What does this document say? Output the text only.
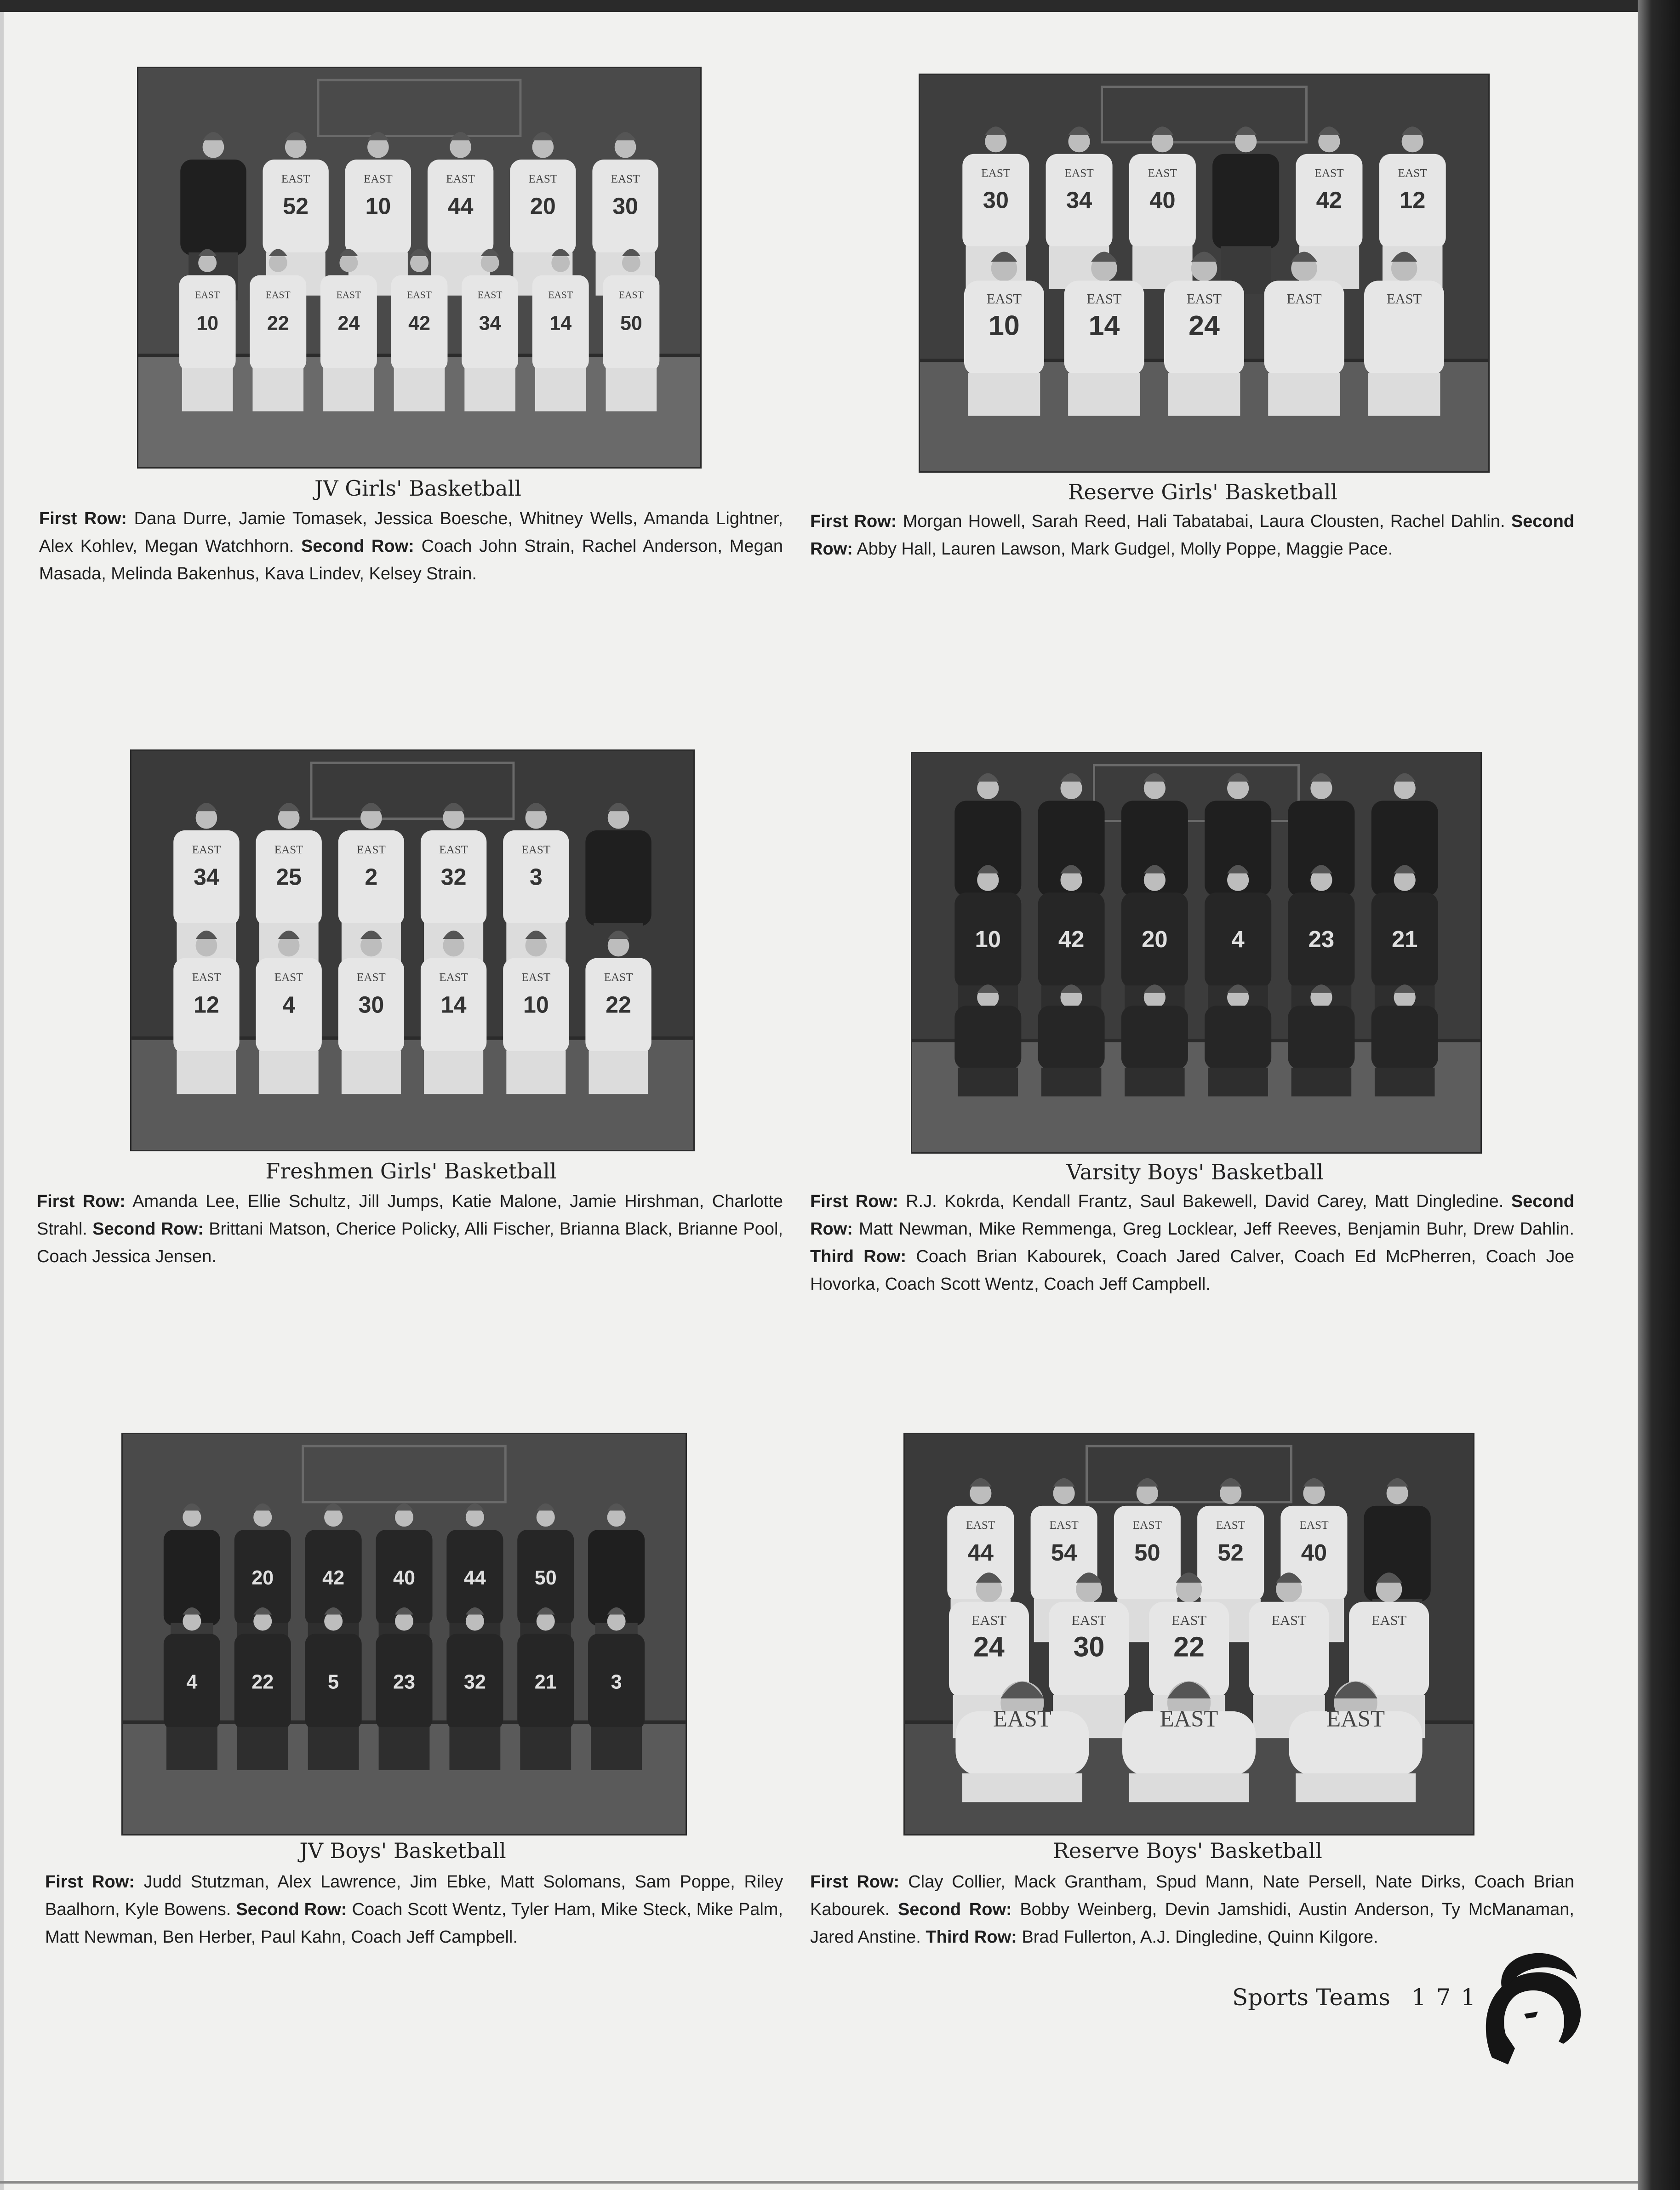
52
EAST
10
EAST
44
EAST
20
EAST
30
EAST
10
EAST
22
EAST
24
EAST
42
EAST
34
EAST
14
EAST
50
EAST
30
EAST
34
EAST
40
EAST
42
EAST
12
EAST
10
EAST
14
EAST
24
EAST	EAST	EAST
34
EAST
25
EAST
2
EAST
32
EAST
3
EAST
12
EAST
4
EAST
30
EAST
14
EAST
10
EAST
22
EAST
10	42	20	4	23	21
20	42	40	44	50
4	22	5	23	32	21	3
44
EAST
54
EAST
50
EAST
52
EAST
40
EAST
24
EAST
30
EAST
22
EAST	EAST	EAST
EAST	EAST	EAST
JV Girls' Basketball	Reserve Girls' Basketball
Freshmen Girls' Basketball	Varsity Boys' Basketball
JV Boys' Basketball	Reserve Boys' Basketball
First Row: Dana Durre, Jamie Tomasek, Jessica Boesche, Whitney Wells, Amanda Lightner, Alex Kohlev, Megan Watchhorn. Second Row: Coach John Strain, Rachel Anderson, Megan Masada, Melinda Bakenhus, Kava Lindev, Kelsey Strain.
First Row: Morgan Howell, Sarah Reed, Hali Tabatabai, Laura Clousten, Rachel Dahlin. Second Row: Abby Hall, Lauren Lawson, Mark Gudgel, Molly Poppe, Maggie Pace.
First Row: Amanda Lee, Ellie Schultz, Jill Jumps, Katie Malone, Jamie Hirshman, Charlotte Strahl. Second Row: Brittani Matson, Cherice Policky, Alli Fischer, Brianna Black, Brianne Pool, Coach Jessica Jensen.
First Row: R.J. Kokrda, Kendall Frantz, Saul Bakewell, David Carey, Matt Dingledine. Second Row: Matt Newman, Mike Remmenga, Greg Locklear, Jeff Reeves, Benjamin Buhr, Drew Dahlin. Third Row: Coach Brian Kabourek, Coach Jared Calver, Coach Ed McPherren, Coach Joe Hovorka, Coach Scott Wentz, Coach Jeff Campbell.
First Row: Judd Stutzman, Alex Lawrence, Jim Ebke, Matt Solomans, Sam Poppe, Riley Baalhorn, Kyle Bowens. Second Row: Coach Scott Wentz, Tyler Ham, Mike Steck, Mike Palm, Matt Newman, Ben Herber, Paul Kahn, Coach Jeff Campbell.
First Row: Clay Collier, Mack Grantham, Spud Mann, Nate Persell, Nate Dirks, Coach Brian Kabourek. Second Row: Bobby Weinberg, Devin Jamshidi, Austin Anderson, Ty McManaman, Jared Anstine. Third Row: Brad Fullerton, A.J. Dingledine, Quinn Kilgore.
Sports Teams 171
